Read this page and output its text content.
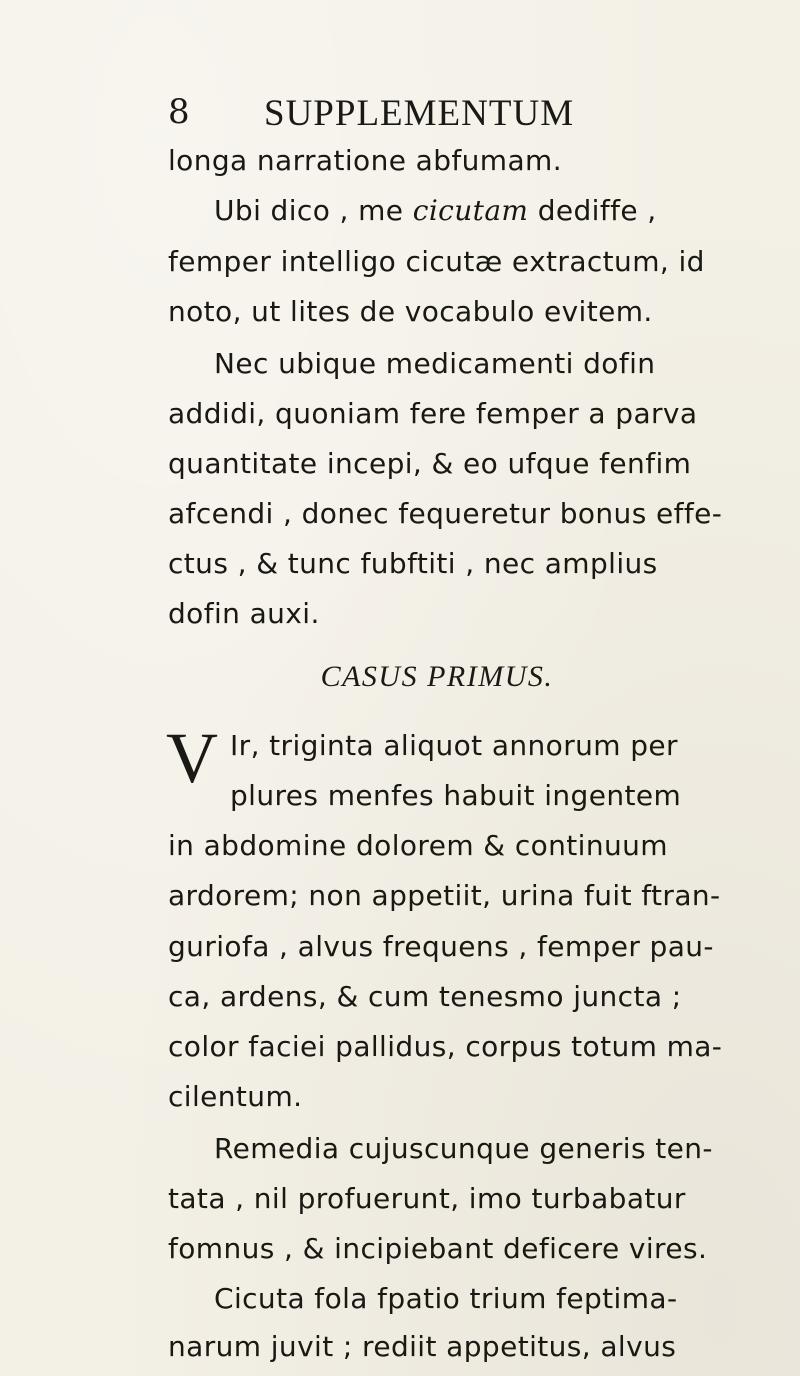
8 SUPPLEMENTUM
longa narratione abfumam.
Ubi dico , me cicutam dediffe ,
femper intelligo cicutæ extractum, id
noto, ut lites de vocabulo evitem.
Nec ubique medicamenti dofin
addidi, quoniam fere femper a parva
quantitate incepi, & eo ufque fenfim
afcendi , donec fequeretur bonus effe-
ctus , & tunc fubftiti , nec amplius
dofin auxi.
CASUS PRIMUS.
V Ir, triginta aliquot annorum per
plures menfes habuit ingentem
in abdomine dolorem & continuum
ardorem; non appetiit, urina fuit ftran-
guriofa , alvus frequens , femper pau-
ca, ardens, & cum tenesmo juncta ;
color faciei pallidus, corpus totum ma-
cilentum.
Remedia cujuscunque generis ten-
tata , nil profuerunt, imo turbabatur
fomnus , & incipiebant deficere vires.
Cicuta fola fpatio trium feptima-
narum juvit ; rediit appetitus, alvus
